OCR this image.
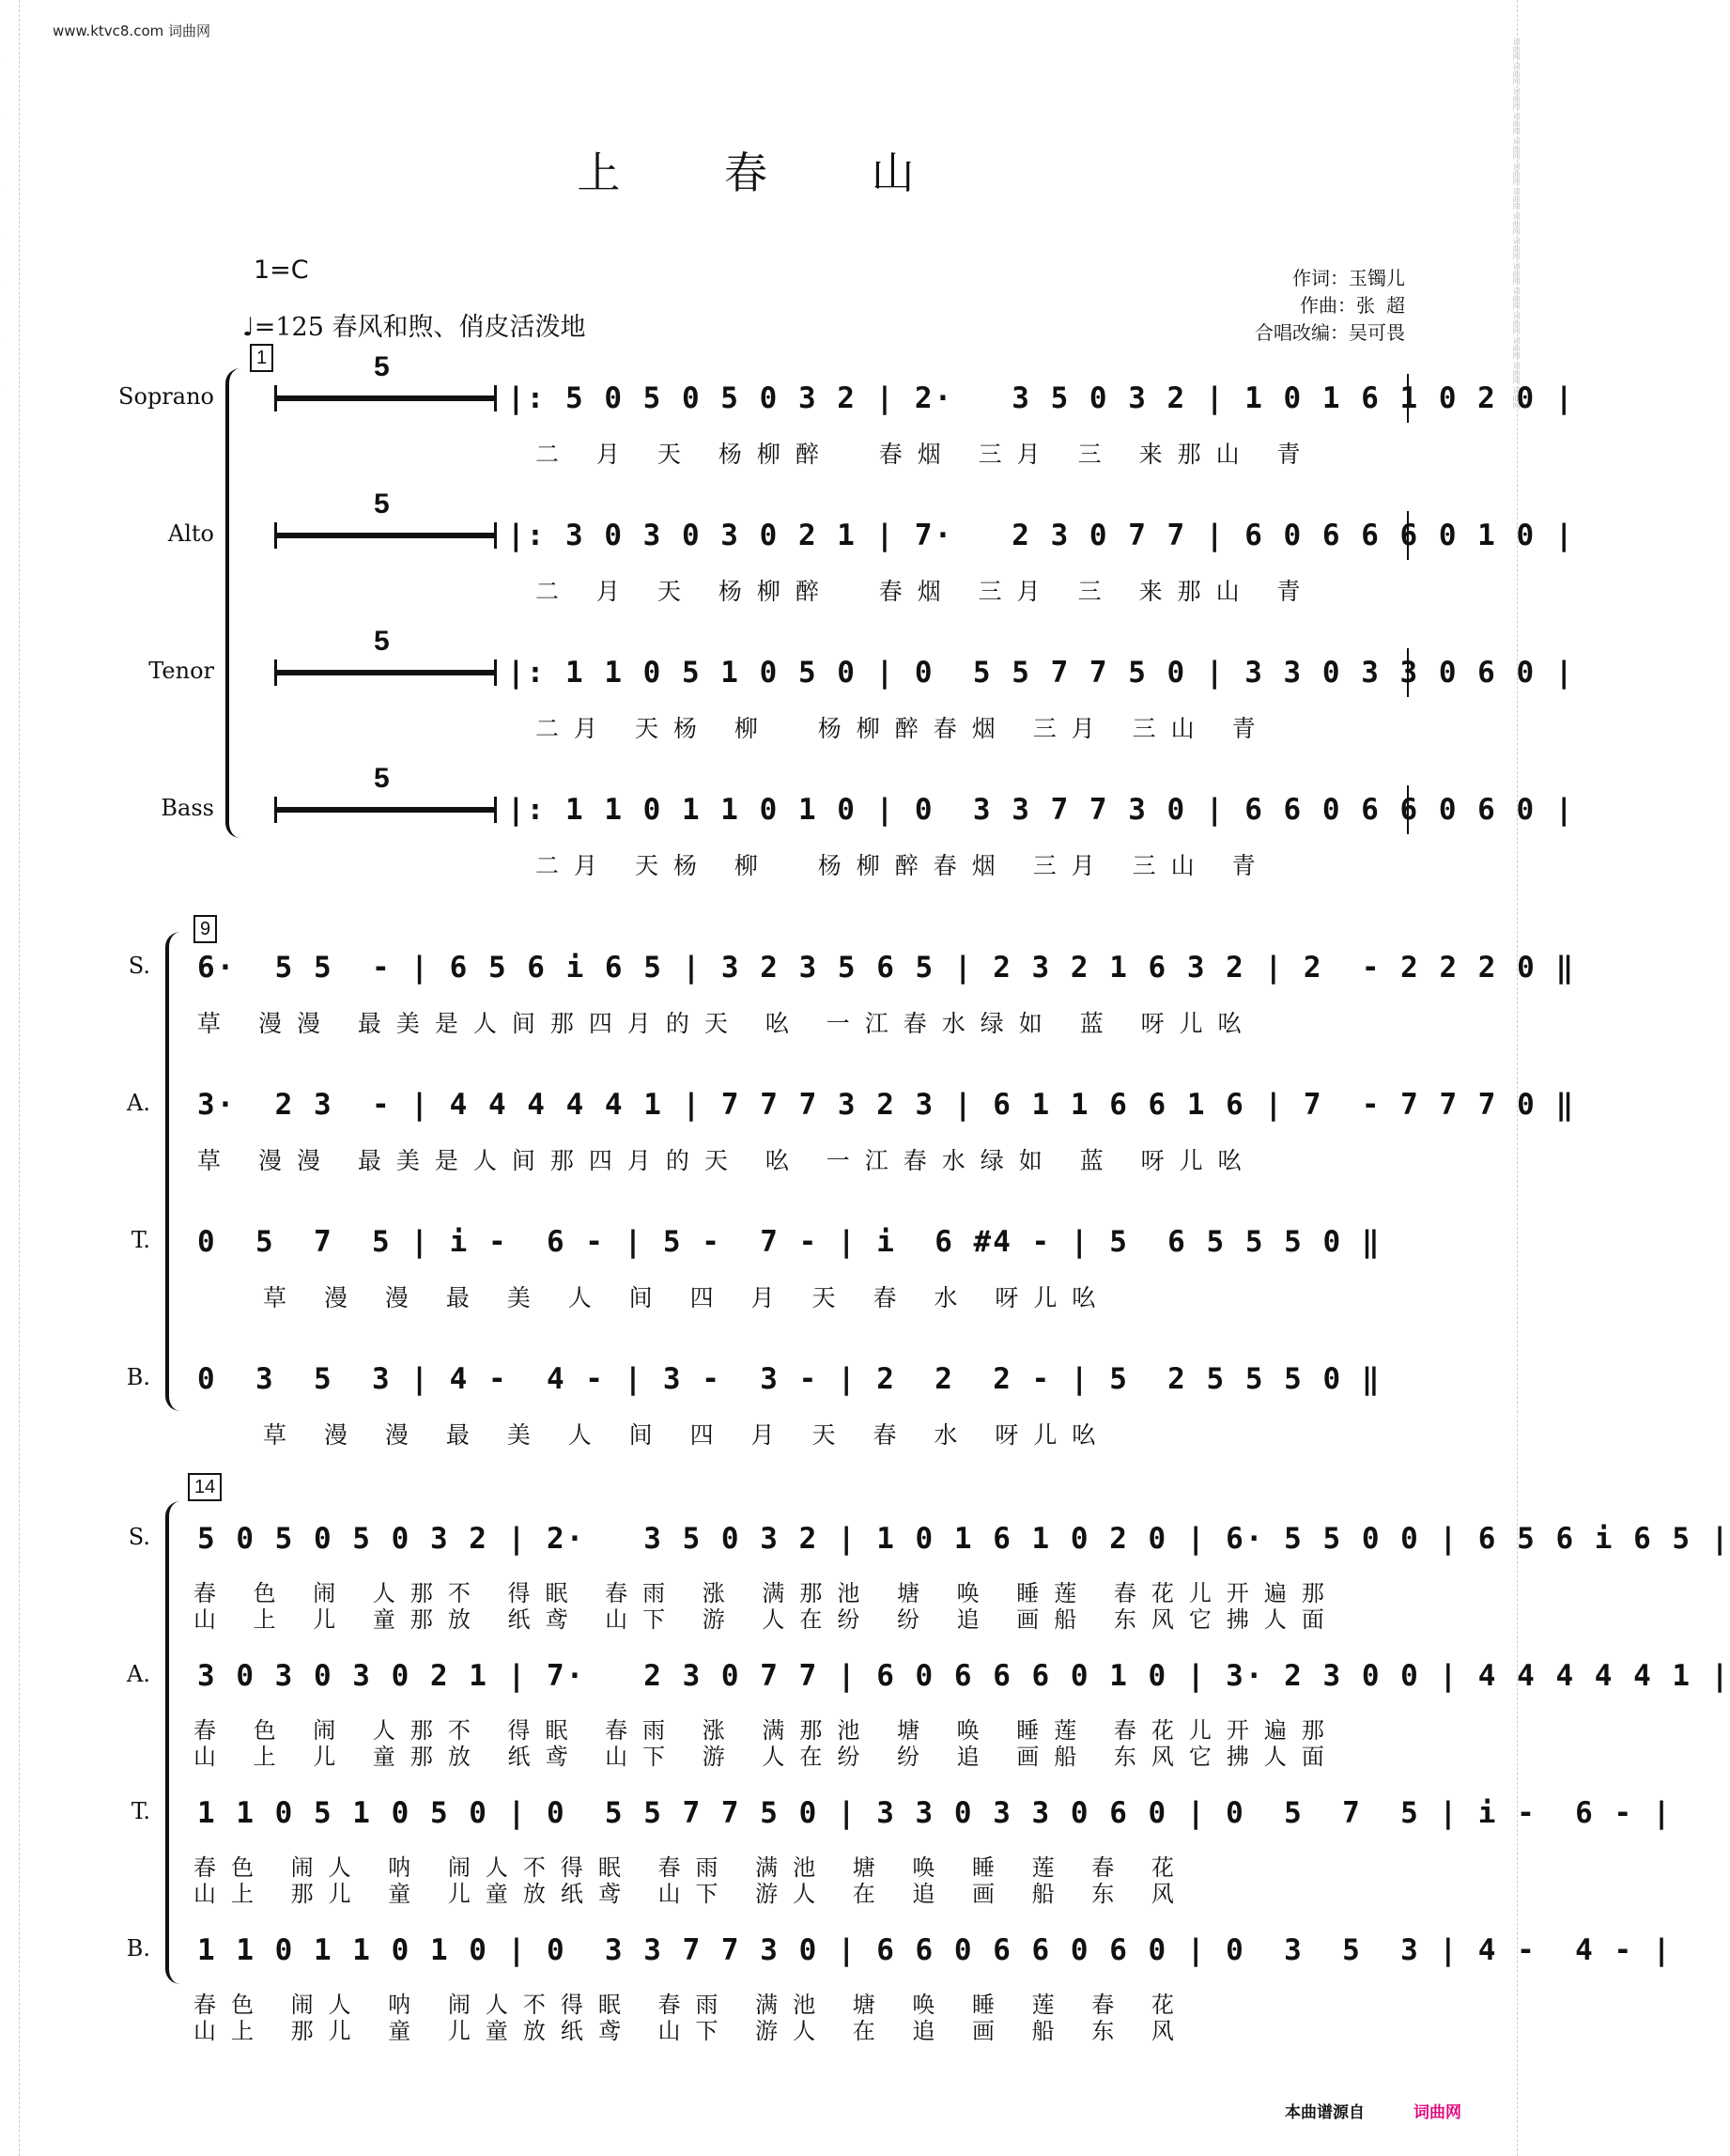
www.ktvc8.com 词曲网
词曲网 词曲网 词曲网 词曲网 词曲网 词曲网 词曲网 词曲网 词曲网 词曲网 词曲网 词曲网 词曲网 词曲网 词曲网
上 春 山
1=C
♩=125 春风和煦、俏皮活泼地
作词：玉镯儿
作曲：张 超
合唱改编：吴可畏
1
Soprano
5
|: 5 0 5 0 5 0 3 2 | 2·   3 5 0 3 2 | 1 0 1 6 1 0 2 0 |
二 月 天 杨柳醉  春烟 三月 三 来那山 青
Alto
5
|: 3 0 3 0 3 0 2 1 | 7·   2 3 0 7 7 | 6 0 6 6 6 0 1 0 |
二 月 天 杨柳醉  春烟 三月 三 来那山 青
Tenor
5
|: 1 1 0 5 1 0 5 0 | 0  5 5 7 7 5 0 | 3 3 0 3 3 0 6 0 |
二月 天杨 柳  杨柳醉春烟 三月 三山 青
Bass
5
|: 1 1 0 1 1 0 1 0 | 0  3 3 7 7 3 0 | 6 6 0 6 6 0 6 0 |
二月 天杨 柳  杨柳醉春烟 三月 三山 青
9
S. 6·  5 5  - | 6 5 6 i 6 5 | 3 2 3 5 6 5 | 2 3 2 1 6 3 2 | 2  - 2 2 2 0 ‖
草 漫漫 最美是人间那四月的天 吆 一江春水绿如 蓝 呀儿吆
A. 3·  2 3  - | 4 4 4 4 4 1 | 7 7 7 3 2 3 | 6 1 1 6 6 1 6 | 7  - 7 7 7 0 ‖
草 漫漫 最美是人间那四月的天 吆 一江春水绿如 蓝 呀儿吆
T. 0  5  7  5 | i -  6 - | 5 -  7 - | i  6 #4 - | 5  6 5 5 5 0 ‖
草 漫 漫 最 美 人 间 四 月 天 春 水 呀儿吆
B. 0  3  5  3 | 4 -  4 - | 3 -  3 - | 2  2  2 - | 5  2 5 5 5 0 ‖
草 漫 漫 最 美 人 间 四 月 天 春 水 呀儿吆
14
S. 5 0 5 0 5 0 3 2 | 2·   3 5 0 3 2 | 1 0 1 6 1 0 2 0 | 6· 5 5 0 0 | 6 5 6 i 6 5 |
春 色 闹 人那不 得眠 春雨 涨 满那池 塘 唤 睡莲 春花儿开遍那
山 上 儿 童那放 纸鸢 山下 游 人在纷 纷 追 画船 东风它拂人面
A. 3 0 3 0 3 0 2 1 | 7·   2 3 0 7 7 | 6 0 6 6 6 0 1 0 | 3· 2 3 0 0 | 4 4 4 4 4 1 |
春 色 闹 人那不 得眠 春雨 涨 满那池 塘 唤 睡莲 春花儿开遍那
山 上 儿 童那放 纸鸢 山下 游 人在纷 纷 追 画船 东风它拂人面
T. 1 1 0 5 1 0 5 0 | 0  5 5 7 7 5 0 | 3 3 0 3 3 0 6 0 | 0  5  7  5 | i -  6 - |
春色 闹人 呐 闹人不得眠 春雨 满池 塘 唤 睡 莲 春 花
山上 那儿 童 儿童放纸鸢 山下 游人 在 追 画 船 东 风
B. 1 1 0 1 1 0 1 0 | 0  3 3 7 7 3 0 | 6 6 0 6 6 0 6 0 | 0  3  5  3 | 4 -  4 - |
春色 闹人 呐 闹人不得眠 春雨 满池 塘 唤 睡 莲 春 花
山上 那儿 童 儿童放纸鸢 山下 游人 在 追 画 船 东 风
本曲谱源自	词曲网
